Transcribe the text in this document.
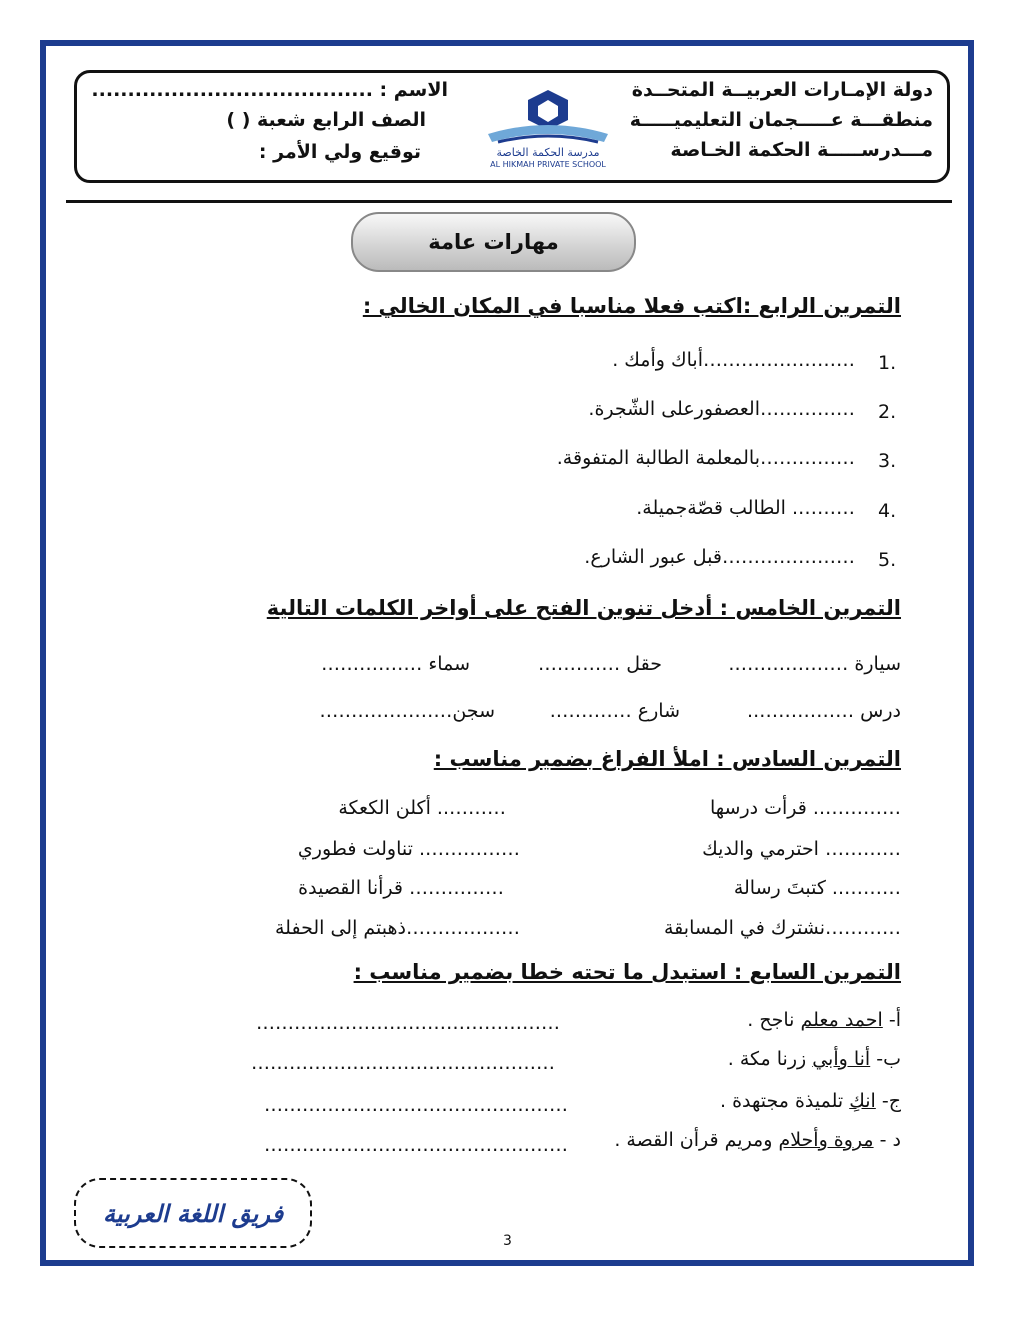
دولة الإمـارات العربيــة المتحــدة
منطقـــة عـــــجمان التعليميـــــة
مـــدرســـــة الحكمة الخـاصة
مدرسة الحكمة الخاصة
AL HIKMAH PRIVATE SCHOOL
الاسم : .......................................
الصف الرابع شعبة ( )
توقيع ولي الأمر :
مهارات عامة
التمرين الرابع :اكتب فعلا مناسبا في المكان الخالي :
1.
……………………أباك وأمك .
2.
……………العصفورعلى الشّجرة.
3.
……………بالمعلمة الطالبة المتفوقة.
4.
………. الطالب قصّةجميلة.
5.
…………………قبل عبور الشارع.
التمرين الخامس : أدخل تنوين الفتح على أواخر الكلمات التالية
سيارة ……………….
حقل ………….
سماء …………….
درس ……………..
شارع ………….
سجن…………………
التمرين السادس : املأ الفراغ بضمير مناسب :
………….. قرأت درسها
……….. أكلن الكعكة
………… احترمي والديك
……………. تناولت فطوري
……….. كتبتَ رسالة
…………… قرأنا القصيدة
…………نشترك في المسابقة
………………ذهبتم إلى الحفلة
التمرين السابع : استبدل ما تحته خطا بضمير مناسب :
أ- احمد معلم ناجح .
…………………………………………
ب- أنا وأبي زرنا مكة .
…………………………………………
ج- انكِ تلميذة مجتهدة .
…………………………………………
د - مروة وأحلام ومريم قرأن القصة .
…………………………………………
فريق اللغة العربية
3
